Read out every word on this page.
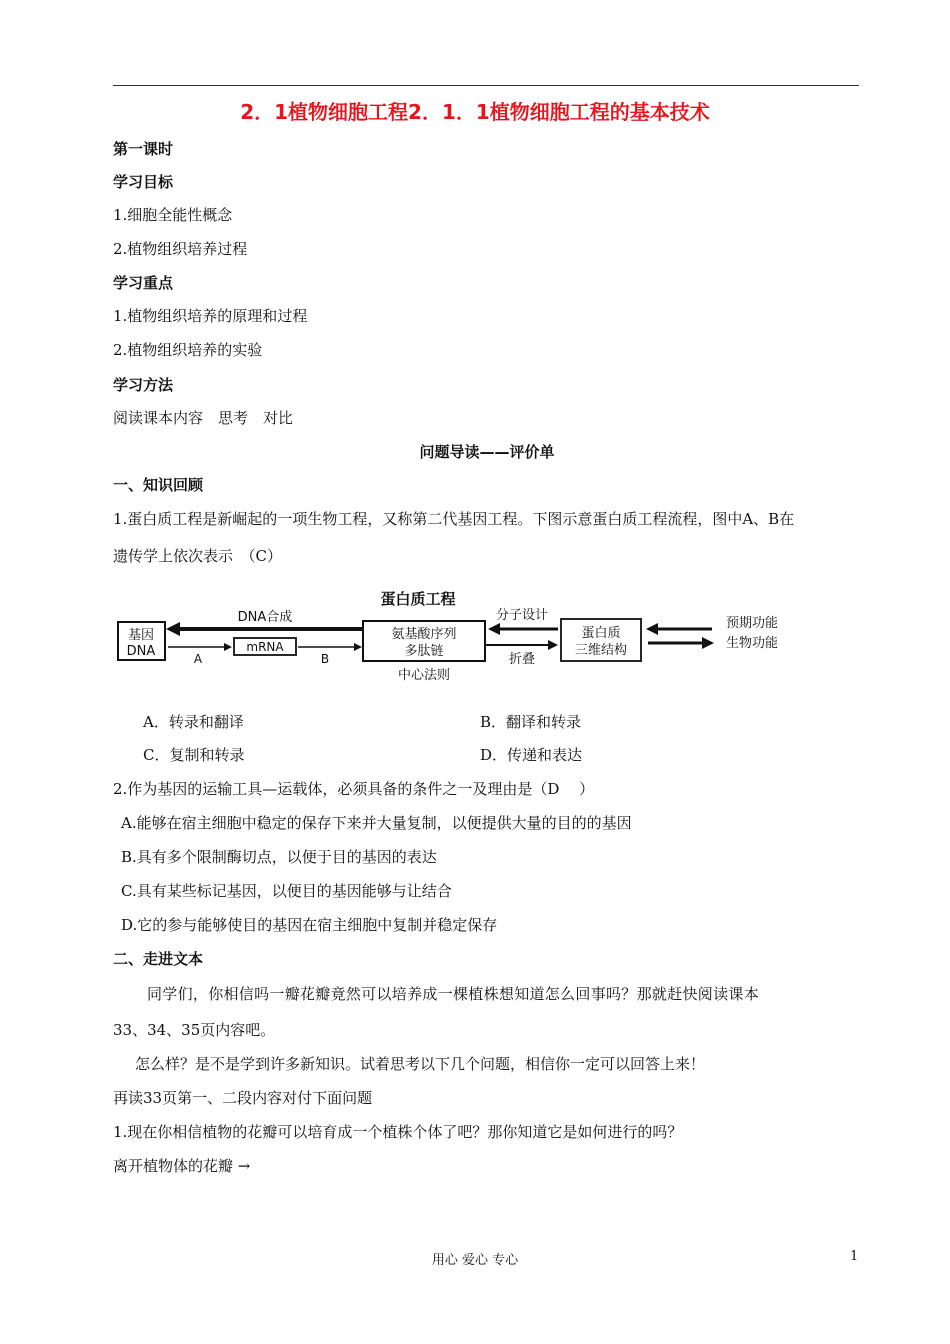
2．1植物细胞工程2．1．1植物细胞工程的基本技术
第一课时
学习目标
1.细胞全能性概念
2.植物组织培养过程
学习重点
1.植物组织培养的原理和过程
2.植物组织培养的实验
学习方法
阅读课本内容　思考　对比
问题导读——评价单
一、知识回顾
1.蛋白质工程是新崛起的一项生物工程，又称第二代基因工程。下图示意蛋白质工程流程，图中A、B在
遗传学上依次表示　（C）
蛋白质工程
基因
DNA
DNA合成
A
mRNA
B
氨基酸序列
多肽链
中心法则
分子设计
折叠
蛋白质
三维结构
预期功能
生物功能
A．转录和翻译	B．翻译和转录
C．复制和转录	D．传递和表达
2.作为基因的运输工具—运载体，必须具备的条件之一及理由是（D　 ）
A.能够在宿主细胞中稳定的保存下来并大量复制，以便提供大量的目的的基因
B.具有多个限制酶切点，以便于目的基因的表达
C.具有某些标记基因，以便目的基因能够与让结合
D.它的参与能够使目的基因在宿主细胞中复制并稳定保存
二、走进文本
同学们，你相信吗一瓣花瓣竟然可以培养成一棵植株想知道怎么回事吗？那就赶快阅读课本
33、34、35页内容吧。
怎么样？是不是学到许多新知识。试着思考以下几个问题，相信你一定可以回答上来！
再读33页第一、二段内容对付下面问题
1.现在你相信植物的花瓣可以培育成一个植株个体了吧？那你知道它是如何进行的吗？
离开植物体的花瓣 →
用心 爱心 专心	1
